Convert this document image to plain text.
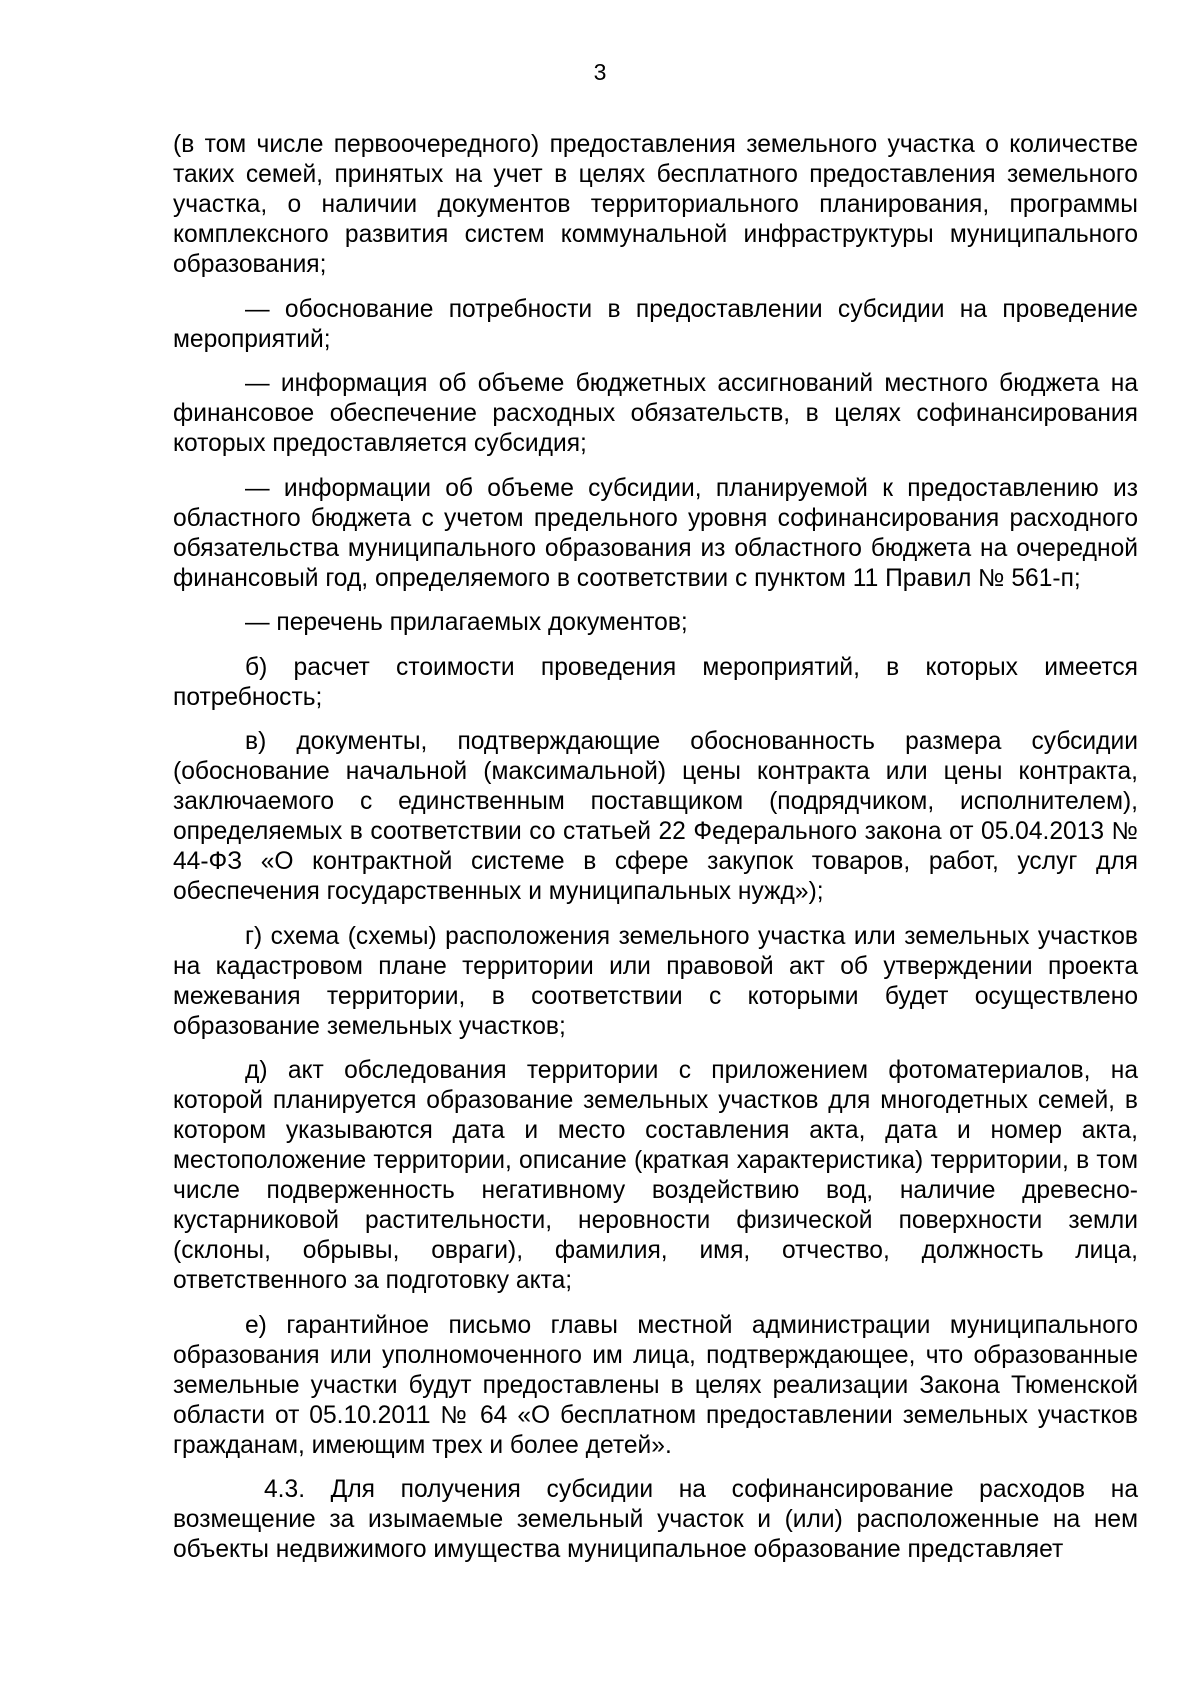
3

(в том числе первоочередного) предоставления земельного участка о количестве таких семей, принятых на учет в целях бесплатного предоставления земельного участка, о наличии документов территориального планирования, программы комплексного развития систем коммунальной инфраструктуры муниципального образования;

— обоснование потребности в предоставлении субсидии на проведение мероприятий;

— информация об объеме бюджетных ассигнований местного бюджета на финансовое обеспечение расходных обязательств, в целях софинансирования которых предоставляется субсидия;

— информации об объеме субсидии, планируемой к предоставлению из областного бюджета с учетом предельного уровня софинансирования расходного обязательства муниципального образования из областного бюджета на очередной финансовый год, определяемого в соответствии с пунктом 11 Правил № 561-п;

— перечень прилагаемых документов;

б) расчет стоимости проведения мероприятий, в которых имеется потребность;

в) документы, подтверждающие обоснованность размера субсидии (обоснование начальной (максимальной) цены контракта или цены контракта, заключаемого с единственным поставщиком (подрядчиком, исполнителем), определяемых в соответствии со статьей 22 Федерального закона от 05.04.2013 № 44-ФЗ «О контрактной системе в сфере закупок товаров, работ, услуг для обеспечения государственных и муниципальных нужд»);

г) схема (схемы) расположения земельного участка или земельных участков на кадастровом плане территории или правовой акт об утверждении проекта межевания территории, в соответствии с которыми будет осуществлено образование земельных участков;

д) акт обследования территории с приложением фотоматериалов, на которой планируется образование земельных участков для многодетных семей, в котором указываются дата и место составления акта, дата и номер акта, местоположение территории, описание (краткая характеристика) территории, в том числе подверженность негативному воздействию вод, наличие древесно-кустарниковой растительности, неровности физической поверхности земли (склоны, обрывы, овраги), фамилия, имя, отчество, должность лица, ответственного за подготовку акта;

е) гарантийное письмо главы местной администрации муниципального образования или уполномоченного им лица, подтверждающее, что образованные земельные участки будут предоставлены в целях реализации Закона Тюменской области от 05.10.2011 № 64 «О бесплатном предоставлении земельных участков гражданам, имеющим трех и более детей».

4.3. Для получения субсидии на софинансирование расходов на возмещение за изымаемые земельный участок и (или) расположенные на нем объекты недвижимого имущества муниципальное образование представляет
